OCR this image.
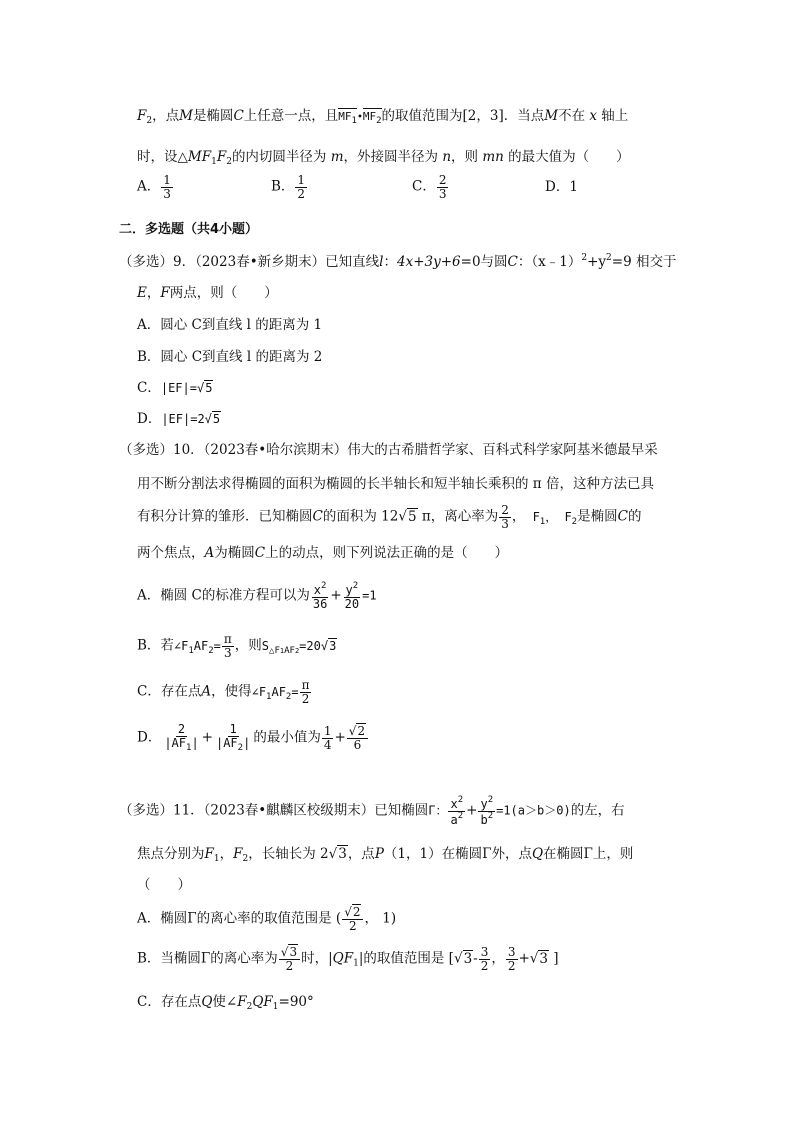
$F_2$，点M是椭圆C上任意一点，且$MF_1•MF_2$的取值范围为[2，3]．当点M不在 x 轴上
时，设$\triangle MF_1F_2$的内切圆半径为 m，外接圆半径为 n，则 mn 的最大值为（　　）
A． $\frac{1}{3}$	B． $\frac{1}{2}$	C． $\frac{2}{3}$	D．1
二．多选题（共4小题）
（多选）9．（2023春•新乡期末）已知直线l：4x+3y+6=0与圆C：$(x﹣1)^2+y^2=9$ 相交于
E，F两点，则（　　）
A．圆心 C到直线 l 的距离为 1
B．圆心 C到直线 l 的距离为 2
C．|EF|=√5
D．|EF|=2√5
（多选）10．（2023春•哈尔滨期末）伟大的古希腊哲学家、百科式科学家阿基米德最早采
用不断分割法求得椭圆的面积为椭圆的长半轴长和短半轴长乘积的 π 倍，这种方法已具
有积分计算的雏形．已知椭圆C的面积为 12√5 π，离心率为 $\frac{2}{3}$ ， $F_1$， $F_2$是椭圆C的
两个焦点，A为椭圆C上的动点，则下列说法正确的是（　　）
A．椭圆 C的标准方程可以为 $\frac{x^2}{36} + \frac{y^2}{20} =1$
B．若$\angle F_1AF_2= \frac{\pi}{3}$ ，则$S_{\triangle F1AF2}=20√3$
C．存在点A，使得$\angle F_1AF_2= \frac{\pi}{2}$
D． $\frac{2}{|AF_1|} + \frac{1}{|AF_2|}$ 的最小值为 $\frac{1}{4} + \frac{√2}{6}$
（多选）11．（2023春•麒麟区校级期末）已知椭圆Γ： $\frac{x^2}{a^2} + \frac{y^2}{b^2} =1(a>b>0)$的左，右
焦点分别为$F_1$，$F_2$，长轴长为 2√3，点P（1，1）在椭圆Γ外，点Q在椭圆Γ上，则
（　　）
A．椭圆Γ的离心率的取值范围是 ( $\frac{√2}{2}$ ， 1)
B．当椭圆Γ的离心率为 $\frac{√3}{2}$ 时，$|QF_1|$的取值范围是 [$√3- \frac{3}{2}$ ， $\frac{3}{2} +√3$ ]
C．存在点Q使$\angle F_2QF_1=90^\circ$
